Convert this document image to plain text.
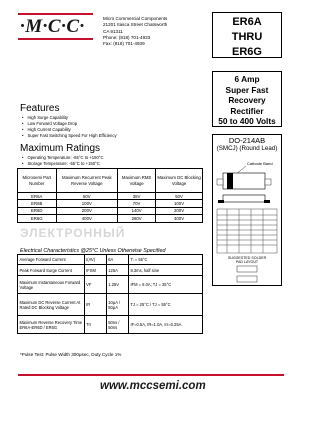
·M·C·C·	Micro Commercial Components
21201 Itasca Street Chatsworth
CA 91311
Phone: (818) 701-4933
Fax: (818) 701-4939
ER6A
THRU
ER6G
6 Amp
Super Fast Recovery
Rectifier
50 to 400 Volts
DO-214AB
(SMCJ) (Round Lead)
Cathode Band
SUGGESTED SOLDER
PAD LAYOUT
Features
• High Surge Capability
• Low Forward Voltage Drop
• High Current Capability
• Super Fast Switching Speed For High Efficiency
Maximum Ratings
• Operating Temperature: -65°C to +150°C
• Storage Temperature: -55°C to +150°C
Microsemi Part Number	Maximum Recurrent Peak Reverse Voltage	Maximum RMS Voltage	Maximum DC Blocking Voltage
ER6A	50V	35V	50V
ER6B	100V	70V	100V
ER6D	200V	140V	200V
ER6G	400V	280V	400V
ЭЛЕКТРОННЫЙ
Electrical Characteristics @25°C Unless Otherwise Specified
Average Forward Current	I(AV)	6A	Tₗ = 55°C
Peak Forward Surge Current	IFSM	125A	8.3ms, half sine
Maximum Instantaneous Forward Voltage	VF	1.25V	IFM = 6.0A; TJ = 25°C
Maximum DC Reverse Current At Rated DC Blocking Voltage	IR	10μA / 50μA	TJ = 25°C / TJ = 55°C
Maximum Reverse Recovery Time ER6A-ER6D / ER6G	Trr	50ns / 50ns	IF=0.5A, IR=1.0A, Irr=0.25A
*Pulse Test: Pulse Width 300μsec, Duty Cycle 1%
www.mccsemi.com
